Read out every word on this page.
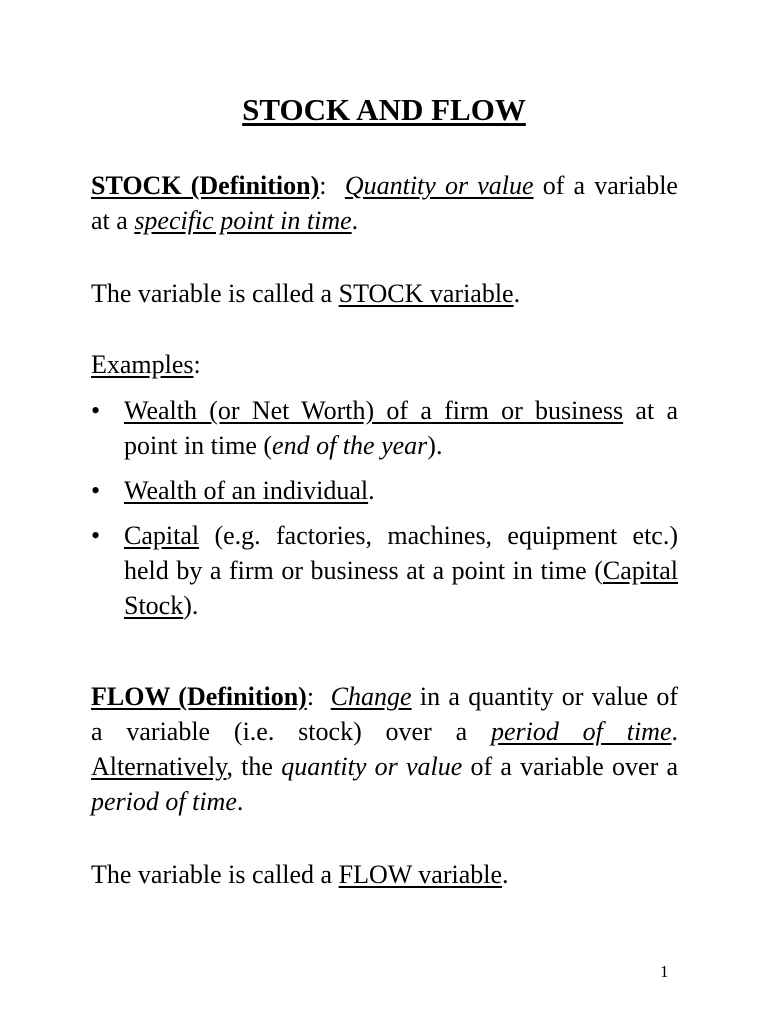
STOCK AND FLOW
STOCK (Definition): Quantity or value of a variable at a specific point in time.
The variable is called a STOCK variable.
Examples:
• Wealth (or Net Worth) of a firm or business at a point in time (end of the year).
• Wealth of an individual.
• Capital (e.g. factories, machines, equipment etc.) held by a firm or business at a point in time (Capital Stock).
FLOW (Definition): Change in a quantity or value of a variable (i.e. stock) over a period of time. Alternatively, the quantity or value of a variable over a period of time.
The variable is called a FLOW variable.
1
